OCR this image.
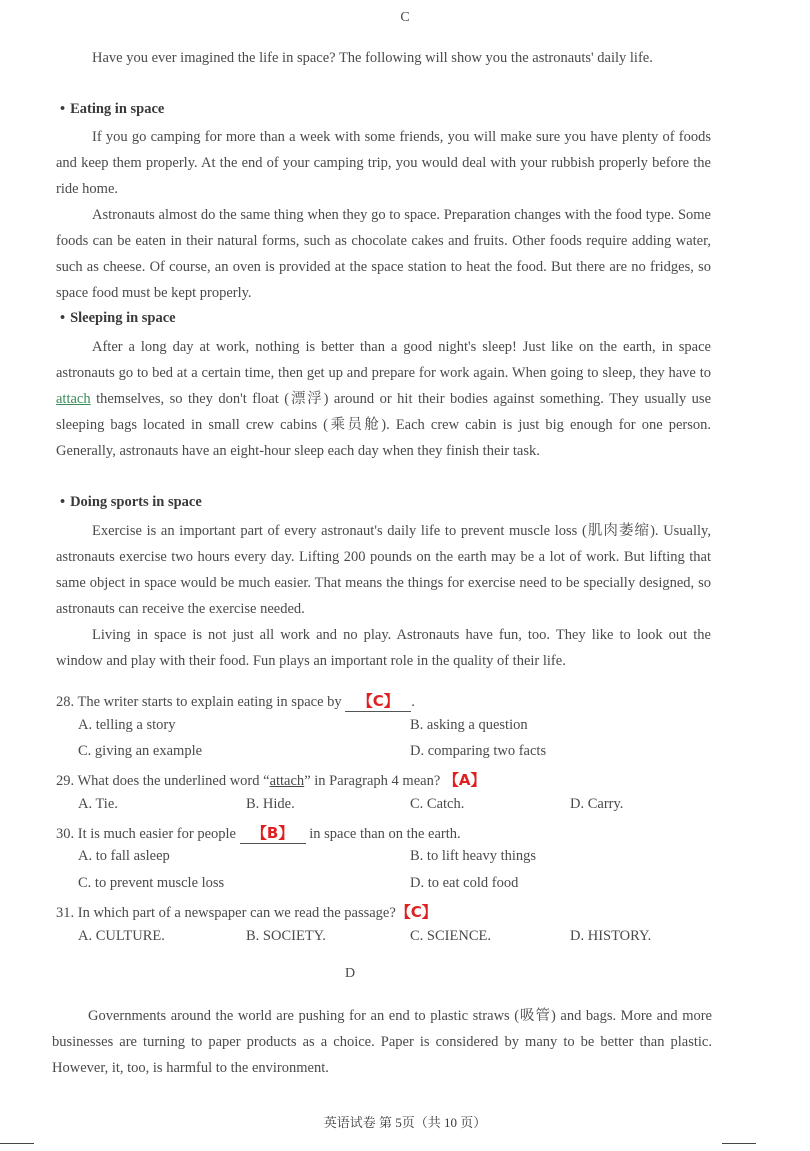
C
Have you ever imagined the life in space? The following will show you the astronauts' daily life.
• Eating in space
If you go camping for more than a week with some friends, you will make sure you have plenty of foods and keep them properly. At the end of your camping trip, you would deal with your rubbish properly before the ride home.
Astronauts almost do the same thing when they go to space. Preparation changes with the food type. Some foods can be eaten in their natural forms, such as chocolate cakes and fruits. Other foods require adding water, such as cheese. Of course, an oven is provided at the space station to heat the food. But there are no fridges, so space food must be kept properly.
• Sleeping in space
After a long day at work, nothing is better than a good night's sleep! Just like on the earth, in space astronauts go to bed at a certain time, then get up and prepare for work again. When going to sleep, they have to attach themselves, so they don't float (漂浮) around or hit their bodies against something. They usually use sleeping bags located in small crew cabins (乘员舱). Each crew cabin is just big enough for one person. Generally, astronauts have an eight-hour sleep each day when they finish their task.
• Doing sports in space
Exercise is an important part of every astronaut's daily life to prevent muscle loss (肌肉萎缩). Usually, astronauts exercise two hours every day. Lifting 200 pounds on the earth may be a lot of work. But lifting that same object in space would be much easier. That means the things for exercise need to be specially designed, so astronauts can receive the exercise needed.
Living in space is not just all work and no play. Astronauts have fun, too. They like to look out the window and play with their food. Fun plays an important role in the quality of their life.
28. The writer starts to explain eating in space by 【C】 .
A. telling a story	B. asking a question
C. giving an example	D. comparing two facts
29. What does the underlined word “attach” in Paragraph 4 mean? 【A】
A. Tie.	B. Hide.	C. Catch.	D. Carry.
30. It is much easier for people 【B】 in space than on the earth.
A. to fall asleep	B. to lift heavy things
C. to prevent muscle loss	D. to eat cold food
31. In which part of a newspaper can we read the passage?【C】
A. CULTURE.	B. SOCIETY.	C. SCIENCE.	D. HISTORY.
D
Governments around the world are pushing for an end to plastic straws (吸管) and bags. More and more businesses are turning to paper products as a choice. Paper is considered by many to be better than plastic. However, it, too, is harmful to the environment.
英语试卷 第 5页（共 10 页）
